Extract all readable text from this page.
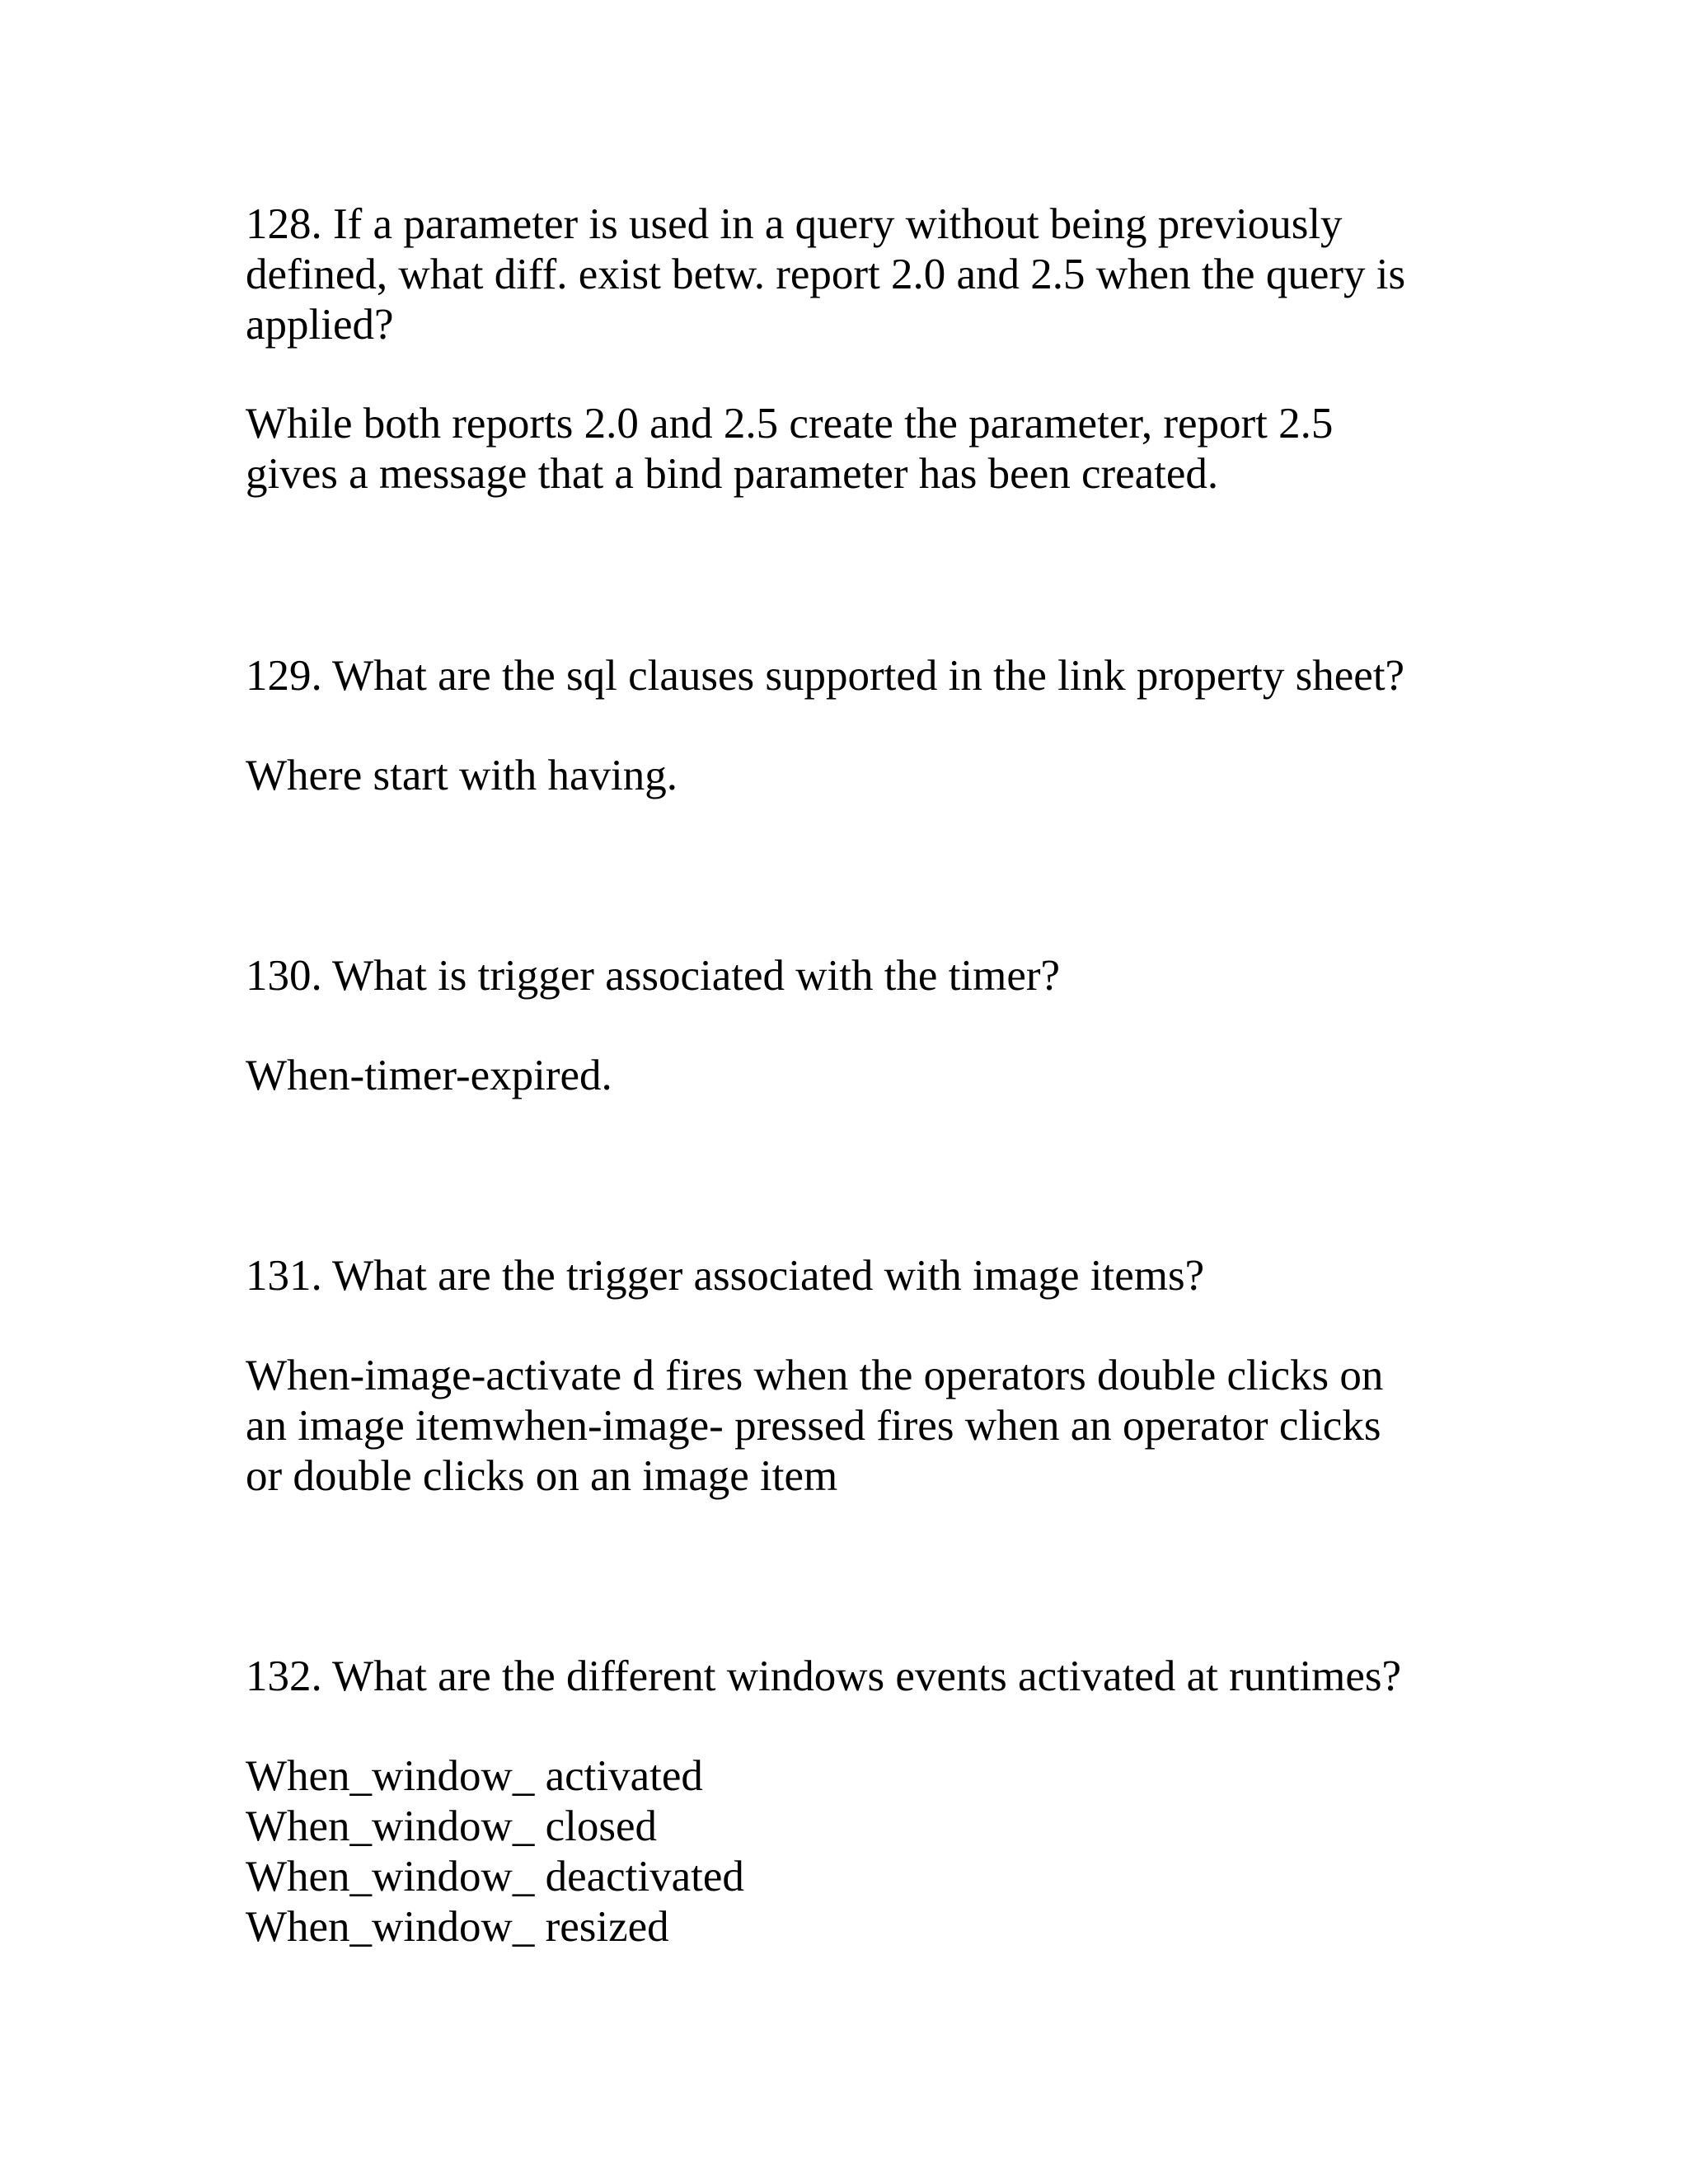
128. If a parameter is used in a query without being previously

defined, what diff. exist betw. report 2.0 and 2.5 when the query is

applied?

While both reports 2.0 and 2.5 create the parameter, report 2.5

gives a message that a bind parameter has been created.

129. What are the sql clauses supported in the link property sheet?

Where start with having.

130. What is trigger associated with the timer?

When-timer-expired.

131. What are the trigger associated with image items?

When-image-activate d fires when the operators double clicks on

an image itemwhen-image- pressed fires when an operator clicks

or double clicks on an image item

132. What are the different windows events activated at runtimes?

When_window_ activated

When_window_ closed

When_window_ deactivated

When_window_ resized
